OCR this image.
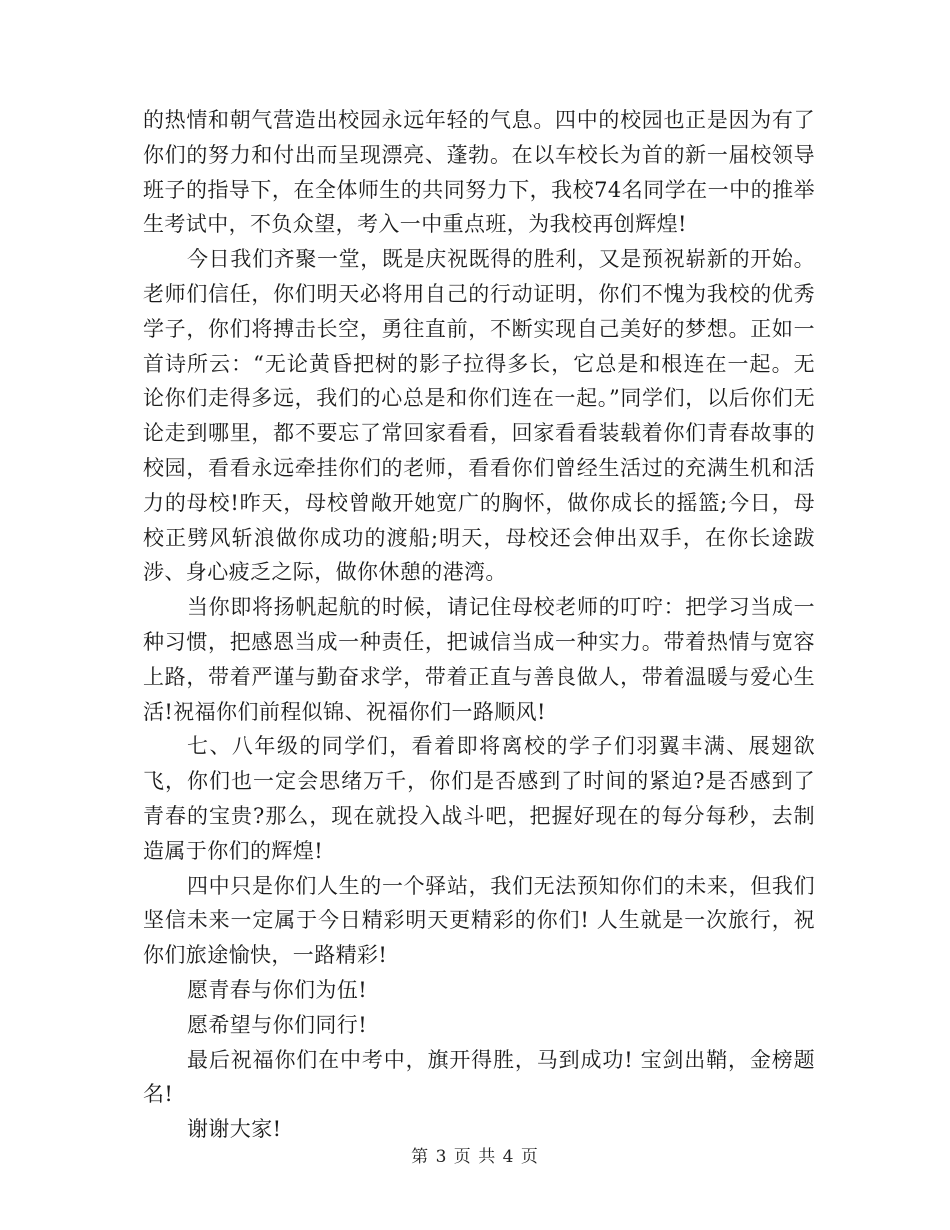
的热情和朝气营造出校园永远年轻的气息。四中的校园也正是因为有了你们的努力和付出而呈现漂亮、蓬勃。在以车校长为首的新一届校领导班子的指导下，在全体师生的共同努力下，我校74名同学在一中的推举生考试中，不负众望，考入一中重点班，为我校再创辉煌!

今日我们齐聚一堂，既是庆祝既得的胜利，又是预祝崭新的开始。老师们信任，你们明天必将用自己的行动证明，你们不愧为我校的优秀学子，你们将搏击长空，勇往直前，不断实现自己美好的梦想。正如一首诗所云：“无论黄昏把树的影子拉得多长，它总是和根连在一起。无论你们走得多远，我们的心总是和你们连在一起。”同学们，以后你们无论走到哪里，都不要忘了常回家看看，回家看看装载着你们青春故事的校园，看看永远牵挂你们的老师，看看你们曾经生活过的充满生机和活力的母校!昨天，母校曾敞开她宽广的胸怀，做你成长的摇篮;今日，母校正劈风斩浪做你成功的渡船;明天，母校还会伸出双手，在你长途跋涉、身心疲乏之际，做你休憩的港湾。

当你即将扬帆起航的时候，请记住母校老师的叮咛：把学习当成一种习惯，把感恩当成一种责任，把诚信当成一种实力。带着热情与宽容上路，带着严谨与勤奋求学，带着正直与善良做人，带着温暖与爱心生活!祝福你们前程似锦、祝福你们一路顺风!

七、八年级的同学们，看着即将离校的学子们羽翼丰满、展翅欲飞，你们也一定会思绪万千，你们是否感到了时间的紧迫?是否感到了青春的宝贵?那么，现在就投入战斗吧，把握好现在的每分每秒，去制造属于你们的辉煌!

四中只是你们人生的一个驿站，我们无法预知你们的未来，但我们坚信未来一定属于今日精彩明天更精彩的你们! 人生就是一次旅行，祝你们旅途愉快，一路精彩!

愿青春与你们为伍!

愿希望与你们同行!

最后祝福你们在中考中，旗开得胜，马到成功! 宝剑出鞘，金榜题名!

谢谢大家!

第 3 页 共 4 页
